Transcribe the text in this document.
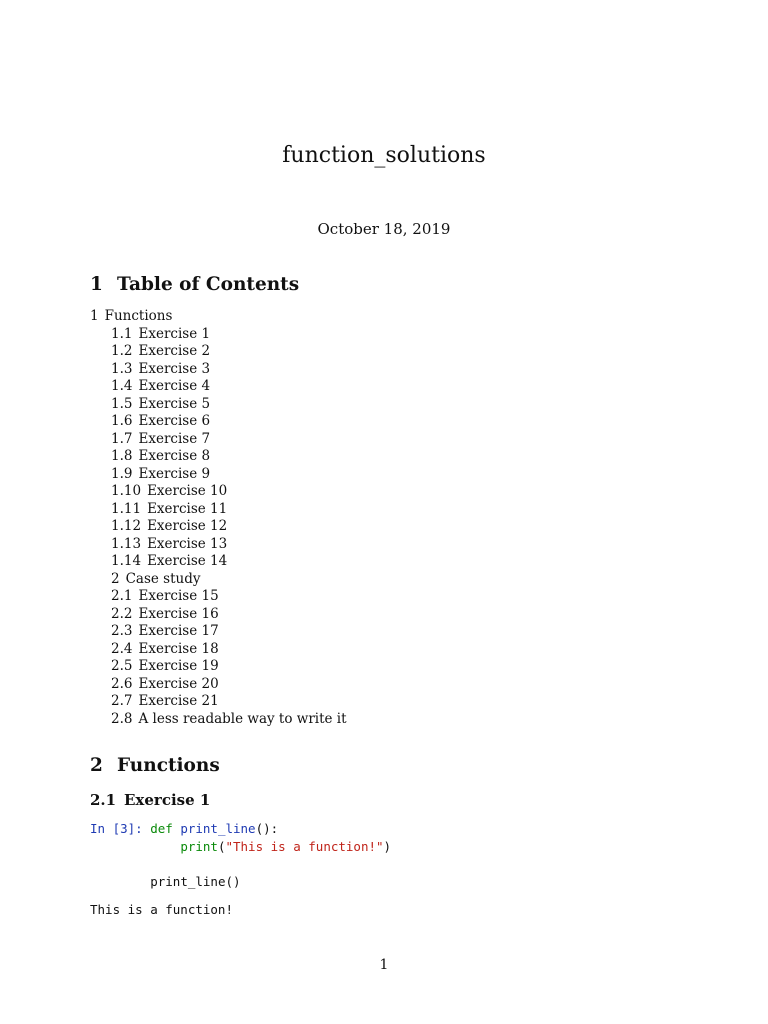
function_solutions
October 18, 2019
1 Table of Contents
1 Functions
1.1 Exercise 1
1.2 Exercise 2
1.3 Exercise 3
1.4 Exercise 4
1.5 Exercise 5
1.6 Exercise 6
1.7 Exercise 7
1.8 Exercise 8
1.9 Exercise 9
1.10 Exercise 10
1.11 Exercise 11
1.12 Exercise 12
1.13 Exercise 13
1.14 Exercise 14
2 Case study
2.1 Exercise 15
2.2 Exercise 16
2.3 Exercise 17
2.4 Exercise 18
2.5 Exercise 19
2.6 Exercise 20
2.7 Exercise 21
2.8 A less readable way to write it
2 Functions
2.1 Exercise 1
In [3]: def print_line():
print("This is a function!")

print_line()
This is a function!
1
